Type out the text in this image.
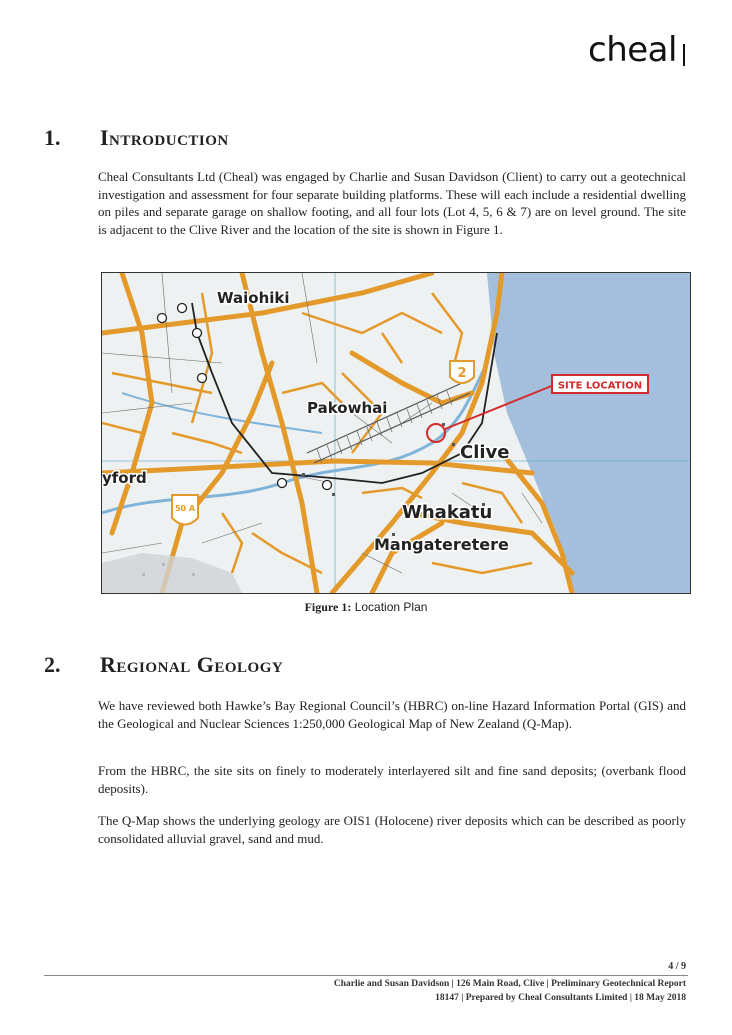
cheal
1. Introduction
Cheal Consultants Ltd (Cheal) was engaged by Charlie and Susan Davidson (Client) to carry out a geotechnical investigation and assessment for four separate building platforms. These will each include a residential dwelling on piles and separate garage on shallow footing, and all four lots (Lot 4, 5, 6 & 7) are on level ground. The site is adjacent to the Clive River and the location of the site is shown in Figure 1.
2
50 A
Waiohiki
Pakowhai
Clive
Whakatu
Mangateretere
yford
SITE LOCATION
Figure 1: Location Plan
2. Regional Geology
We have reviewed both Hawke’s Bay Regional Council’s (HBRC) on-line Hazard Information Portal (GIS) and the Geological and Nuclear Sciences 1:250,000 Geological Map of New Zealand (Q-Map).
From the HBRC, the site sits on finely to moderately interlayered silt and fine sand deposits; (overbank flood deposits).
The Q-Map shows the underlying geology are OIS1 (Holocene) river deposits which can be described as poorly consolidated alluvial gravel, sand and mud.
4 / 9
Charlie and Susan Davidson | 126 Main Road, Clive | Preliminary Geotechnical Report
18147 | Prepared by Cheal Consultants Limited | 18 May 2018
